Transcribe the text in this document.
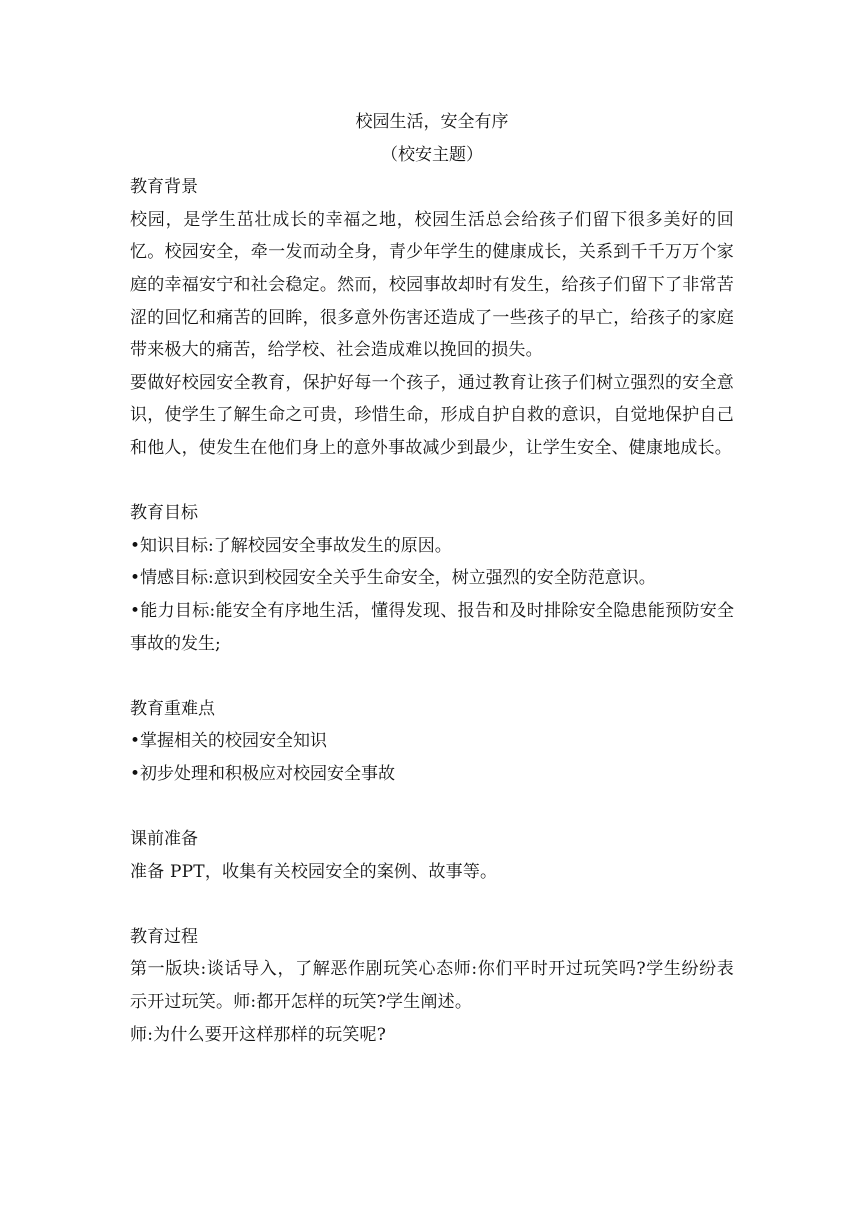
校园生活，安全有序
（校安主题）
教育背景

校园，是学生茁壮成长的幸福之地，校园生活总会给孩子们留下很多美好的回忆。校园安全，牵一发而动全身，青少年学生的健康成长，关系到千千万万个家庭的幸福安宁和社会稳定。然而，校园事故却时有发生，给孩子们留下了非常苦涩的回忆和痛苦的回眸，很多意外伤害还造成了一些孩子的早亡，给孩子的家庭带来极大的痛苦，给学校、社会造成难以挽回的损失。

要做好校园安全教育，保护好每一个孩子，通过教育让孩子们树立强烈的安全意识，使学生了解生命之可贵，珍惜生命，形成自护自救的意识，自觉地保护自己和他人，使发生在他们身上的意外事故减少到最少，让学生安全、健康地成长。

教育目标
•知识目标:了解校园安全事故发生的原因。
•情感目标:意识到校园安全关乎生命安全，树立强烈的安全防范意识。
•能力目标:能安全有序地生活，懂得发现、报告和及时排除安全隐患能预防安全事故的发生;
教育重难点
•掌握相关的校园安全知识
•初步处理和积极应对校园安全事故
课前准备

准备 PPT，收集有关校园安全的案例、故事等。

教育过程

第一版块:谈话导入，了解恶作剧玩笑心态师:你们平时开过玩笑吗?学生纷纷表示开过玩笑。师:都开怎样的玩笑?学生阐述。

师:为什么要开这样那样的玩笑呢?
